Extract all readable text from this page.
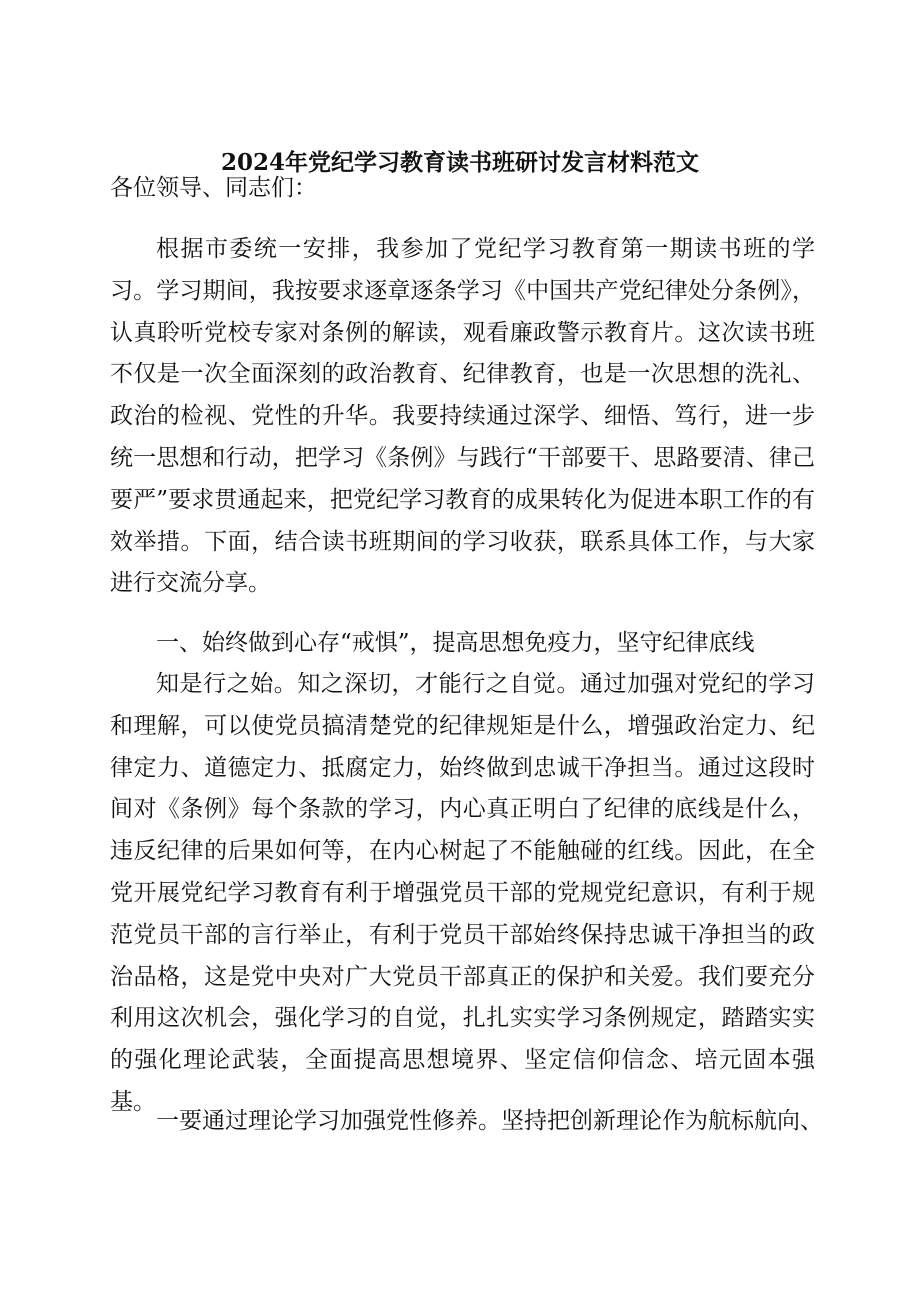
2024年党纪学习教育读书班研讨发言材料范文

各位领导、同志们：

根据市委统一安排，我参加了党纪学习教育第一期读书班的学习。学习期间，我按要求逐章逐条学习《中国共产党纪律处分条例》，认真聆听党校专家对条例的解读，观看廉政警示教育片。这次读书班不仅是一次全面深刻的政治教育、纪律教育，也是一次思想的洗礼、政治的检视、党性的升华。我要持续通过深学、细悟、笃行，进一步统一思想和行动，把学习《条例》与践行“干部要干、思路要清、律己要严”要求贯通起来，把党纪学习教育的成果转化为促进本职工作的有效举措。下面，结合读书班期间的学习收获，联系具体工作，与大家进行交流分享。

一、始终做到心存“戒惧”，提高思想免疫力，坚守纪律底线

知是行之始。知之深切，才能行之自觉。通过加强对党纪的学习和理解，可以使党员搞清楚党的纪律规矩是什么，增强政治定力、纪律定力、道德定力、抵腐定力，始终做到忠诚干净担当。通过这段时间对《条例》每个条款的学习，内心真正明白了纪律的底线是什么，违反纪律的后果如何等，在内心树起了不能触碰的红线。因此，在全党开展党纪学习教育有利于增强党员干部的党规党纪意识，有利于规范党员干部的言行举止，有利于党员干部始终保持忠诚干净担当的政治品格，这是党中央对广大党员干部真正的保护和关爱。我们要充分利用这次机会，强化学习的自觉，扎扎实实学习条例规定，踏踏实实的强化理论武装，全面提高思想境界、坚定信仰信念、培元固本强基。

一要通过理论学习加强党性修养。坚持把创新理论作为航标航向、
